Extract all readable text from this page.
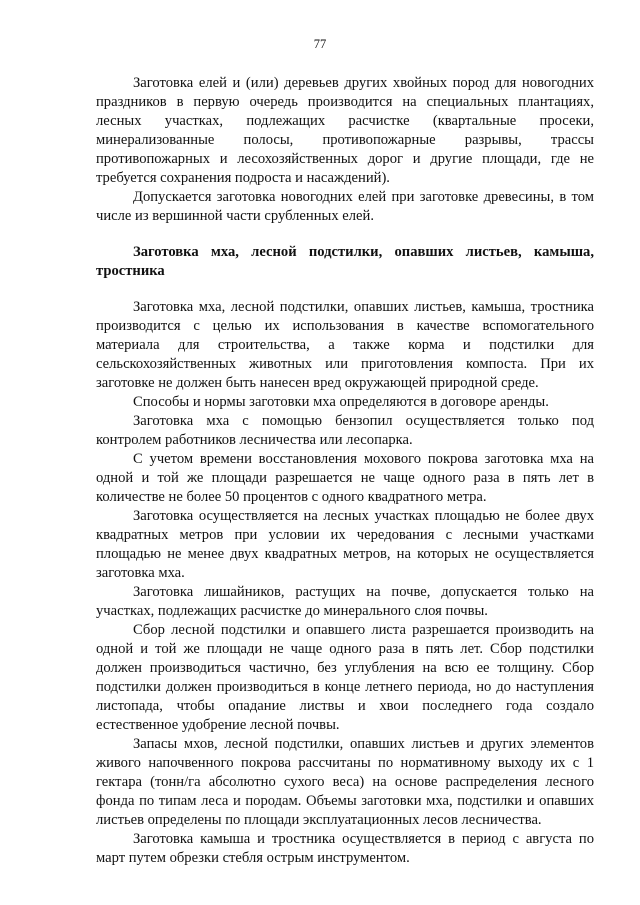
77

Заготовка елей и (или) деревьев других хвойных пород для новогодних праздников в первую очередь производится на специальных плантациях, лесных участках, подлежащих расчистке (квартальные просеки, минерализованные полосы, противопожарные разрывы, трассы противопожарных и лесохозяйственных дорог и другие площади, где не требуется сохранения подроста и насаждений).

Допускается заготовка новогодних елей при заготовке древесины, в том числе из вершинной части срубленных елей.

Заготовка мха, лесной подстилки, опавших листьев, камыша, тростника

Заготовка мха, лесной подстилки, опавших листьев, камыша, тростника производится с целью их использования в качестве вспомогательного материала для строительства, а также корма и подстилки для сельскохозяйственных животных или приготовления компоста. При их заготовке не должен быть нанесен вред окружающей природной среде.

Способы и нормы заготовки мха определяются в договоре аренды.

Заготовка мха с помощью бензопил осуществляется только под контролем работников лесничества или лесопарка.

С учетом времени восстановления мохового покрова заготовка мха на одной и той же площади разрешается не чаще одного раза в пять лет в количестве не более 50 процентов с одного квадратного метра.

Заготовка осуществляется на лесных участках площадью не более двух квадратных метров при условии их чередования с лесными участками площадью не менее двух квадратных метров, на которых не осуществляется заготовка мха.

Заготовка лишайников, растущих на почве, допускается только на участках, подлежащих расчистке до минерального слоя почвы.

Сбор лесной подстилки и опавшего листа разрешается производить на одной и той же площади не чаще одного раза в пять лет. Сбор подстилки должен производиться частично, без углубления на всю ее толщину. Сбор подстилки должен производиться в конце летнего периода, но до наступления листопада, чтобы опадание листвы и хвои последнего года создало естественное удобрение лесной почвы.

Запасы мхов, лесной подстилки, опавших листьев и других элементов живого напочвенного покрова рассчитаны по нормативному выходу их с 1 гектара (тонн/га абсолютно сухого веса) на основе распределения лесного фонда по типам леса и породам. Объемы заготовки мха, подстилки и опавших листьев определены по площади эксплуатационных лесов лесничества.

Заготовка камыша и тростника осуществляется в период с августа по март путем обрезки стебля острым инструментом.
